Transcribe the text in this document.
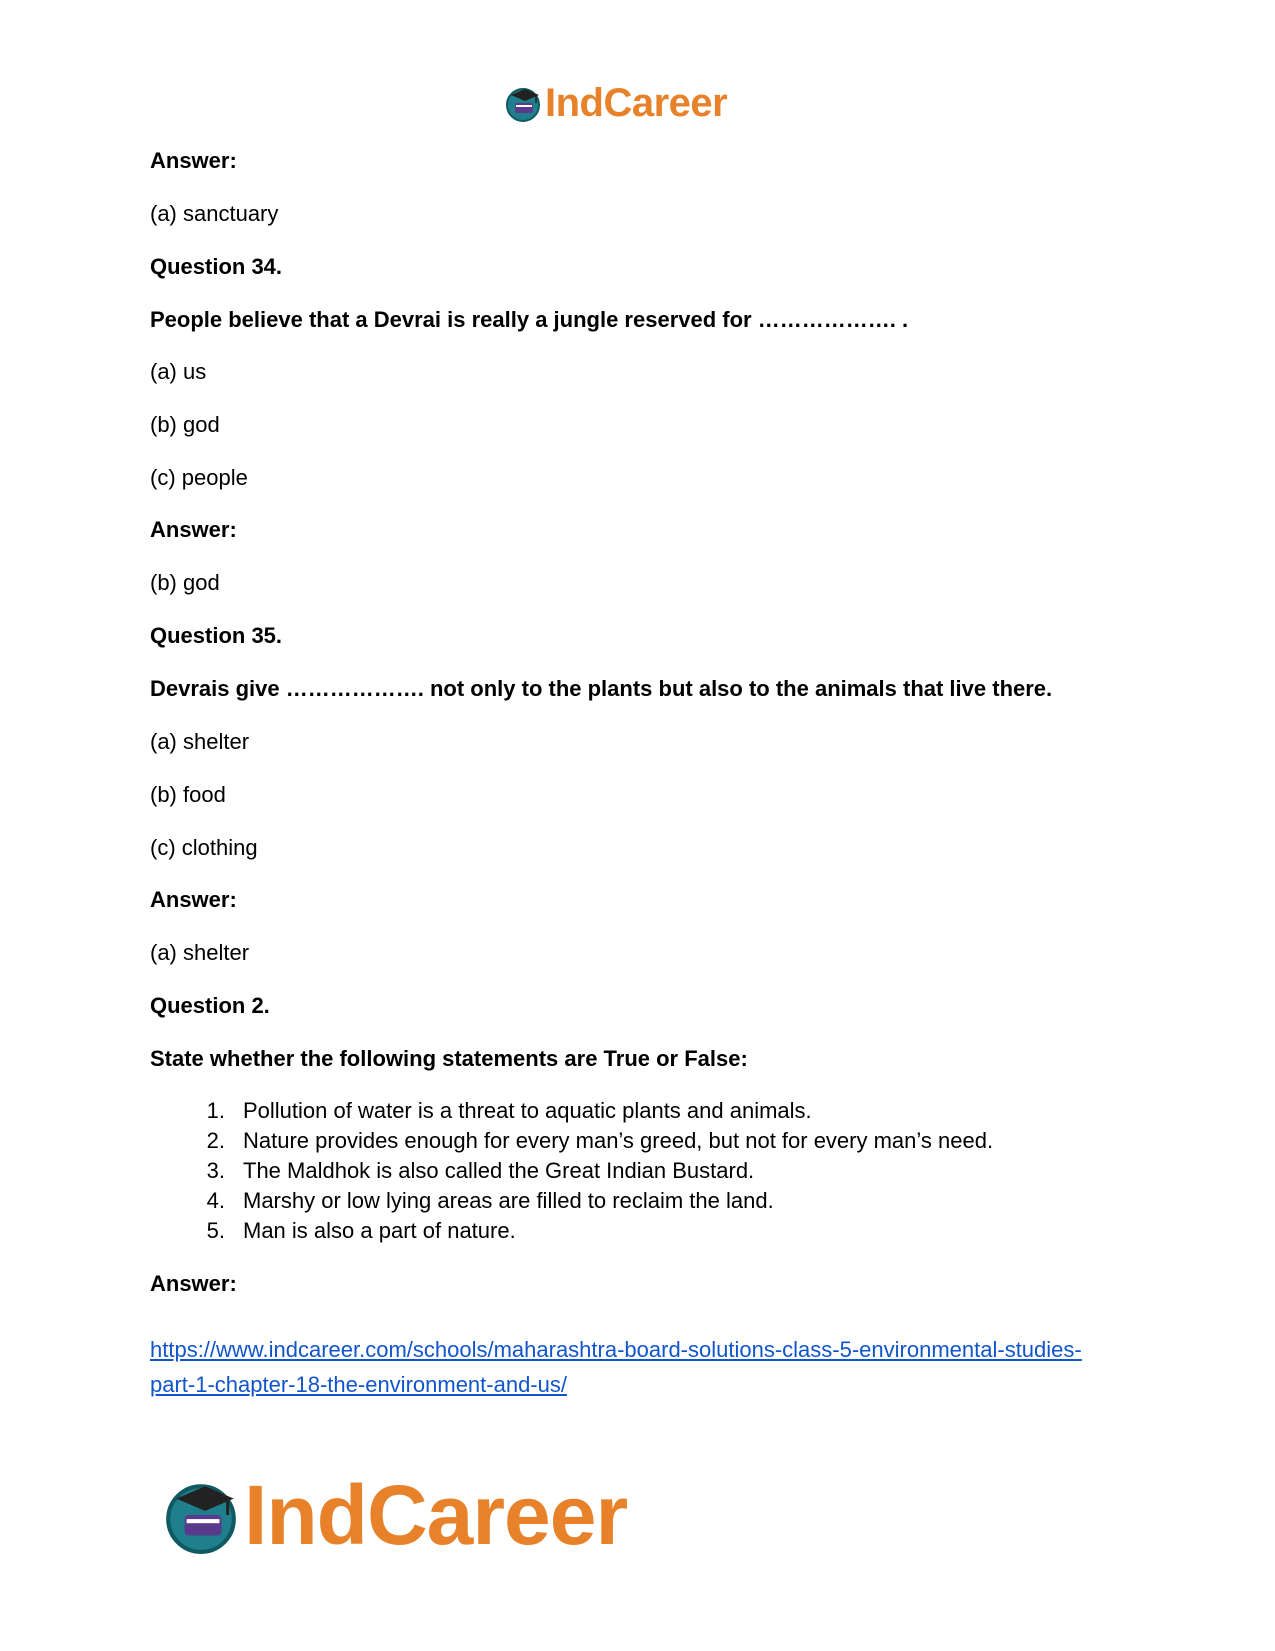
IndCareer
Answer:
(a) sanctuary
Question 34.
People believe that a Devrai is really a jungle reserved for ………………. .
(a) us
(b) god
(c) people
Answer:
(b) god
Question 35.
Devrais give ………………. not only to the plants but also to the animals that live there.
(a) shelter
(b) food
(c) clothing
Answer:
(a) shelter
Question 2.
State whether the following statements are True or False:
1. Pollution of water is a threat to aquatic plants and animals.
2. Nature provides enough for every man’s greed, but not for every man’s need.
3. The Maldhok is also called the Great Indian Bustard.
4. Marshy or low lying areas are filled to reclaim the land.
5. Man is also a part of nature.
Answer:
https://www.indcareer.com/schools/maharashtra-board-solutions-class-5-environmental-studies-
part-1-chapter-18-the-environment-and-us/
IndCareer
